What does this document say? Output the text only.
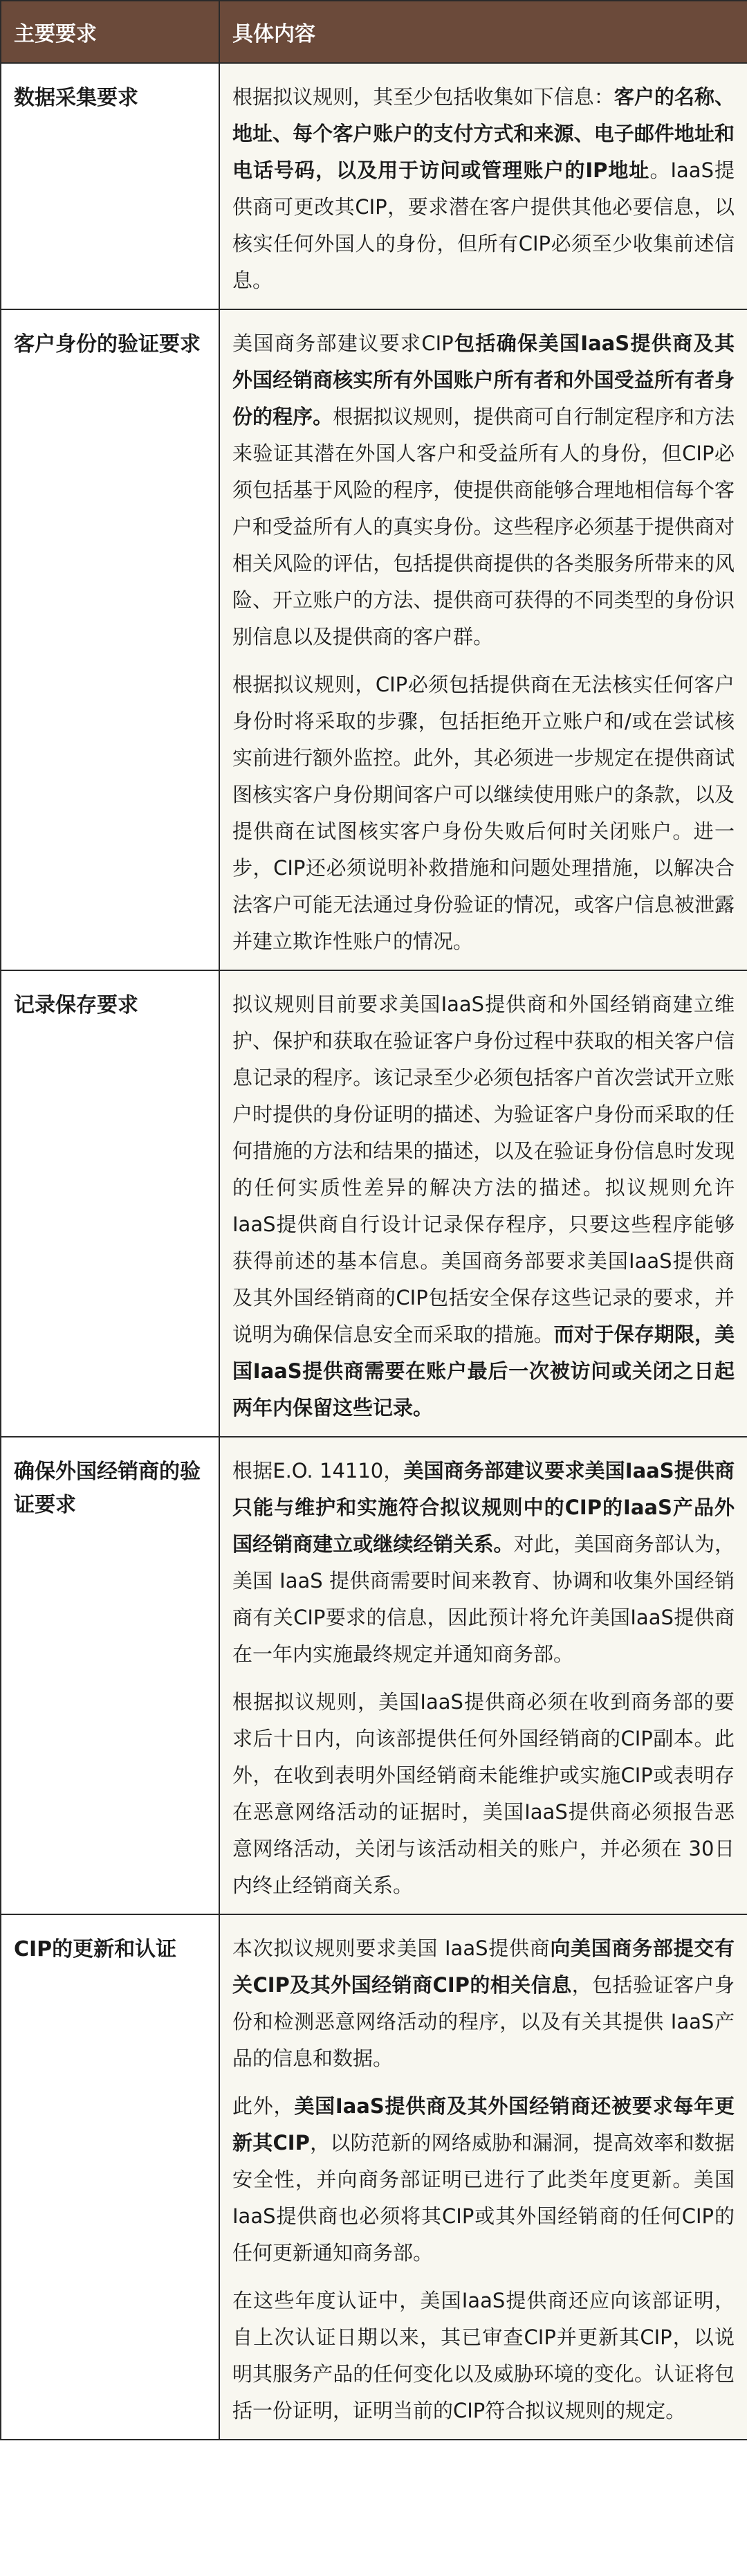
主要要求	具体内容
数据采集要求	根据拟议规则，其至少包括收集如下信息：客户的名称、地址、每个客户账户的支付方式和来源、电子邮件地址和电话号码，以及用于访问或管理账户的IP地址。IaaS提供商可更改其CIP，要求潜在客户提供其他必要信息，以核实任何外国人的身份，但所有CIP必须至少收集前述信息。

客户身份的验证要求	美国商务部建议要求CIP包括确保美国IaaS提供商及其外国经销商核实所有外国账户所有者和外国受益所有者身份的程序。根据拟议规则，提供商可自行制定程序和方法来验证其潜在外国人客户和受益所有人的身份，但CIP必须包括基于风险的程序，使提供商能够合理地相信每个客户和受益所有人的真实身份。这些程序必须基于提供商对相关风险的评估，包括提供商提供的各类服务所带来的风险、开立账户的方法、提供商可获得的不同类型的身份识别信息以及提供商的客户群。

根据拟议规则，CIP必须包括提供商在无法核实任何客户身份时将采取的步骤，包括拒绝开立账户和/或在尝试核实前进行额外监控。此外，其必须进一步规定在提供商试图核实客户身份期间客户可以继续使用账户的条款，以及提供商在试图核实客户身份失败后何时关闭账户。进一步，CIP还必须说明补救措施和问题处理措施，以解决合法客户可能无法通过身份验证的情况，或客户信息被泄露并建立欺诈性账户的情况。

记录保存要求	拟议规则目前要求美国IaaS提供商和外国经销商建立维护、保护和获取在验证客户身份过程中获取的相关客户信息记录的程序。该记录至少必须包括客户首次尝试开立账户时提供的身份证明的描述、为验证客户身份而采取的任何措施的方法和结果的描述，以及在验证身份信息时发现的任何实质性差异的解决方法的描述。拟议规则允许IaaS提供商自行设计记录保存程序，只要这些程序能够获得前述的基本信息。美国商务部要求美国IaaS提供商及其外国经销商的CIP包括安全保存这些记录的要求，并说明为确保信息安全而采取的措施。而对于保存期限，美国IaaS提供商需要在账户最后一次被访问或关闭之日起两年内保留这些记录。

确保外国经销商的验证要求	根据E.O. 14110，美国商务部建议要求美国IaaS提供商只能与维护和实施符合拟议规则中的CIP的IaaS产品外国经销商建立或继续经销关系。对此，美国商务部认为，美国 IaaS 提供商需要时间来教育、协调和收集外国经销商有关CIP要求的信息，因此预计将允许美国IaaS提供商在一年内实施最终规定并通知商务部。

根据拟议规则，美国IaaS提供商必须在收到商务部的要求后十日内，向该部提供任何外国经销商的CIP副本。此外，在收到表明外国经销商未能维护或实施CIP或表明存在恶意网络活动的证据时，美国IaaS提供商必须报告恶意网络活动，关闭与该活动相关的账户，并必须在 30日内终止经销商关系。

CIP的更新和认证	本次拟议规则要求美国 IaaS提供商向美国商务部提交有关CIP及其外国经销商CIP的相关信息，包括验证客户身份和检测恶意网络活动的程序，以及有关其提供 IaaS产品的信息和数据。

此外，美国IaaS提供商及其外国经销商还被要求每年更新其CIP，以防范新的网络威胁和漏洞，提高效率和数据安全性，并向商务部证明已进行了此类年度更新。美国IaaS提供商也必须将其CIP或其外国经销商的任何CIP的任何更新通知商务部。

在这些年度认证中，美国IaaS提供商还应向该部证明，自上次认证日期以来，其已审查CIP并更新其CIP，以说明其服务产品的任何变化以及威胁环境的变化。认证将包括一份证明，证明当前的CIP符合拟议规则的规定。
